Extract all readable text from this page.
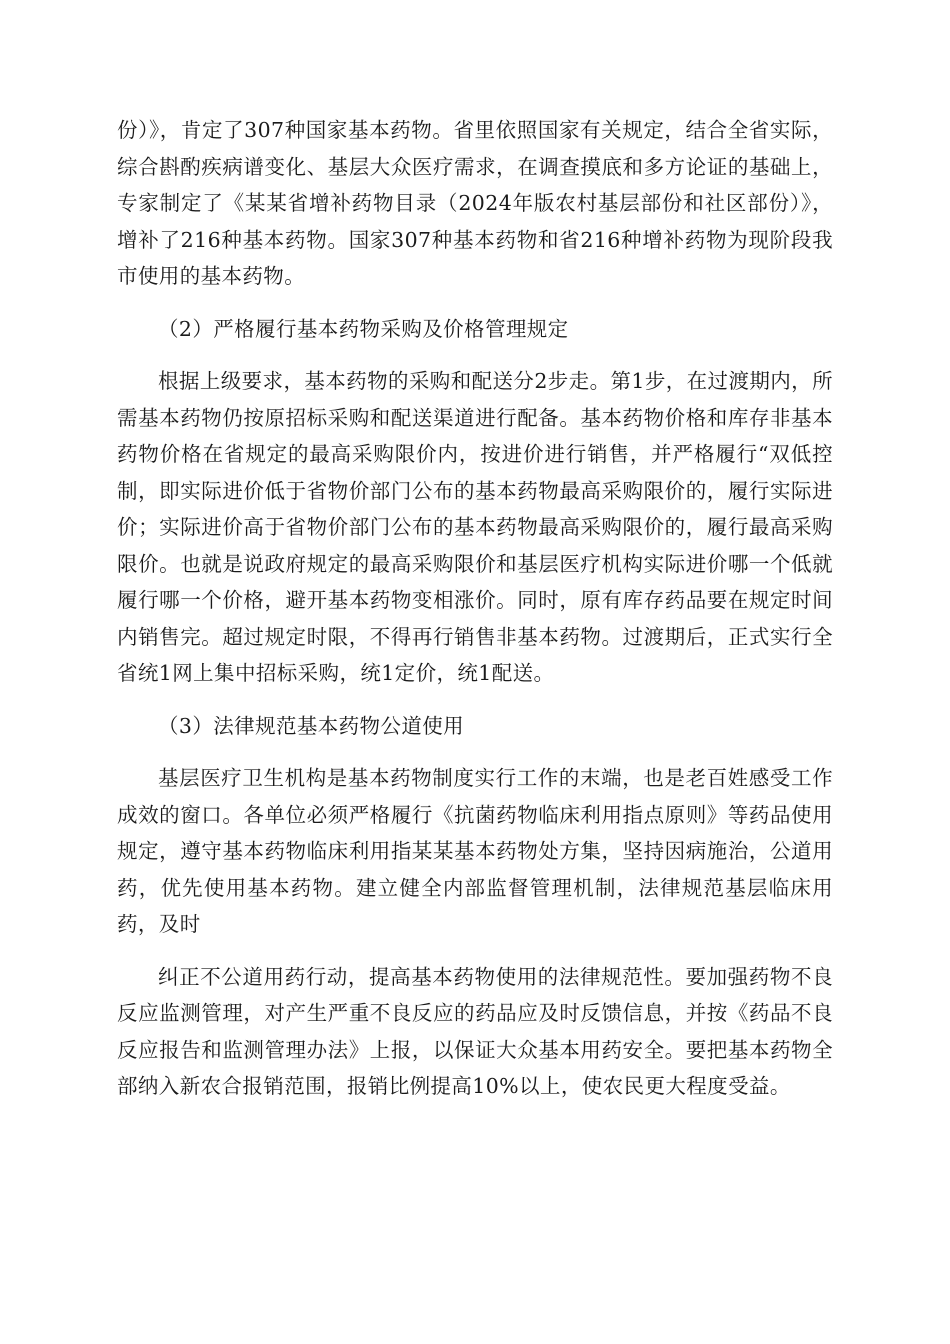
份）》，肯定了307种国家基本药物。省里依照国家有关规定，结合全省实际，综合斟酌疾病谱变化、基层大众医疗需求，在调查摸底和多方论证的基础上，专家制定了《某某省增补药物目录（2024年版农村基层部份和社区部份）》，增补了216种基本药物。国家307种基本药物和省216种增补药物为现阶段我市使用的基本药物。

（2）严格履行基本药物采购及价格管理规定

根据上级要求，基本药物的采购和配送分2步走。第1步，在过渡期内，所需基本药物仍按原招标采购和配送渠道进行配备。基本药物价格和库存非基本药物价格在省规定的最高采购限价内，按进价进行销售，并严格履行“双低控制，即实际进价低于省物价部门公布的基本药物最高采购限价的，履行实际进价；实际进价高于省物价部门公布的基本药物最高采购限价的，履行最高采购限价。也就是说政府规定的最高采购限价和基层医疗机构实际进价哪一个低就履行哪一个价格，避开基本药物变相涨价。同时，原有库存药品要在规定时间内销售完。超过规定时限，不得再行销售非基本药物。过渡期后，正式实行全省统1网上集中招标采购，统1定价，统1配送。

（3）法律规范基本药物公道使用

基层医疗卫生机构是基本药物制度实行工作的末端，也是老百姓感受工作成效的窗口。各单位必须严格履行《抗菌药物临床利用指点原则》等药品使用规定，遵守基本药物临床利用指某某基本药物处方集，坚持因病施治，公道用药，优先使用基本药物。建立健全内部监督管理机制，法律规范基层临床用药，及时

纠正不公道用药行动，提高基本药物使用的法律规范性。要加强药物不良反应监测管理，对产生严重不良反应的药品应及时反馈信息，并按《药品不良反应报告和监测管理办法》上报，以保证大众基本用药安全。要把基本药物全部纳入新农合报销范围，报销比例提高10%以上，使农民更大程度受益。
